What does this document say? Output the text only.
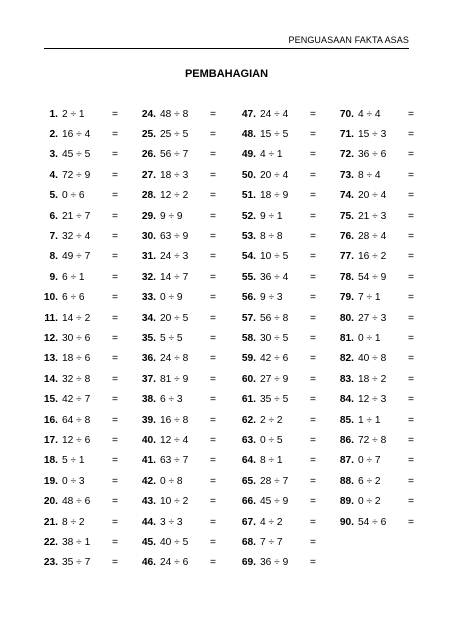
PENGUASAAN FAKTA ASAS
PEMBAHAGIAN
1. 2 ÷ 1	=
2. 16 ÷ 4	=
3. 45 ÷ 5	=
4. 72 ÷ 9	=
5. 0 ÷ 6	=
6. 21 ÷ 7	=
7. 32 ÷ 4	=
8. 49 ÷ 7	=
9. 6 ÷ 1	=
10. 6 ÷ 6	=
11. 14 ÷ 2	=
12. 30 ÷ 6	=
13. 18 ÷ 6	=
14. 32 ÷ 8	=
15. 42 ÷ 7	=
16. 64 ÷ 8	=
17. 12 ÷ 6	=
18. 5 ÷ 1	=
19. 0 ÷ 3	=
20. 48 ÷ 6	=
21. 8 ÷ 2	=
22. 38 ÷ 1	=
23. 35 ÷ 7	=
24. 48 ÷ 8	=
25. 25 ÷ 5	=
26. 56 ÷ 7	=
27. 18 ÷ 3	=
28. 12 ÷ 2	=
29. 9 ÷ 9	=
30. 63 ÷ 9	=
31. 24 ÷ 3	=
32. 14 ÷ 7	=
33. 0 ÷ 9	=
34. 20 ÷ 5	=
35. 5 ÷ 5	=
36. 24 ÷ 8	=
37. 81 ÷ 9	=
38. 6 ÷ 3	=
39. 16 ÷ 8	=
40. 12 ÷ 4	=
41. 63 ÷ 7	=
42. 0 ÷ 8	=
43. 10 ÷ 2	=
44. 3 ÷ 3	=
45. 40 ÷ 5	=
46. 24 ÷ 6	=
47. 24 ÷ 4	=
48. 15 ÷ 5	=
49. 4 ÷ 1	=
50. 20 ÷ 4	=
51. 18 ÷ 9	=
52. 9 ÷ 1	=
53. 8 ÷ 8	=
54. 10 ÷ 5	=
55. 36 ÷ 4	=
56. 9 ÷ 3	=
57. 56 ÷ 8	=
58. 30 ÷ 5	=
59. 42 ÷ 6	=
60. 27 ÷ 9	=
61. 35 ÷ 5	=
62. 2 ÷ 2	=
63. 0 ÷ 5	=
64. 8 ÷ 1	=
65. 28 ÷ 7	=
66. 45 ÷ 9	=
67. 4 ÷ 2	=
68. 7 ÷ 7	=
69. 36 ÷ 9	=
70. 4 ÷ 4	=
71. 15 ÷ 3	=
72. 36 ÷ 6	=
73. 8 ÷ 4	=
74. 20 ÷ 4	=
75. 21 ÷ 3	=
76. 28 ÷ 4	=
77. 16 ÷ 2	=
78. 54 ÷ 9	=
79. 7 ÷ 1	=
80. 27 ÷ 3	=
81. 0 ÷ 1	=
82. 40 ÷ 8	=
83. 18 ÷ 2	=
84. 12 ÷ 3	=
85. 1 ÷ 1	=
86. 72 ÷ 8	=
87. 0 ÷ 7	=
88. 6 ÷ 2	=
89. 0 ÷ 2	=
90. 54 ÷ 6	=
